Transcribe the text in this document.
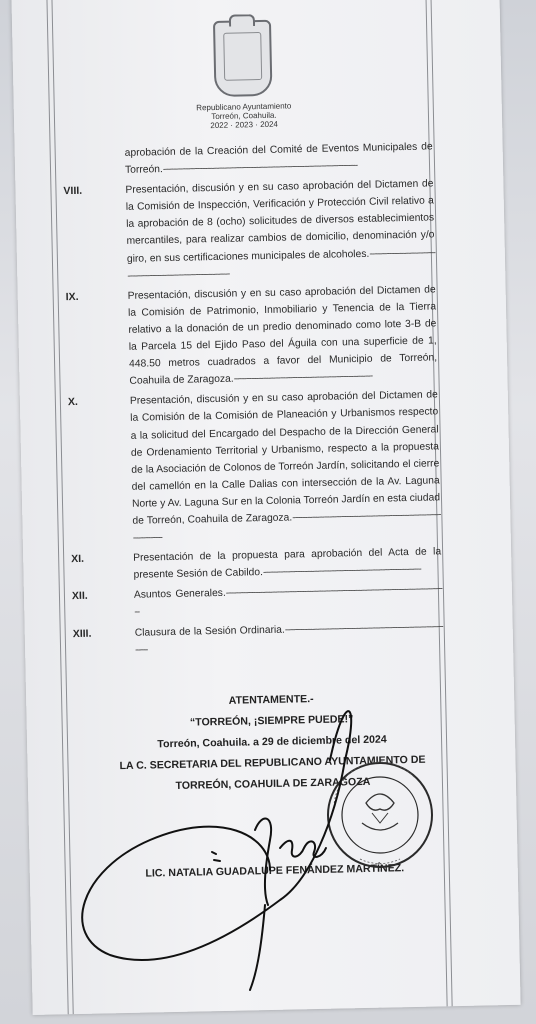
Republicano Ayuntamiento
Torreón, Coahuila.
2022 · 2023 · 2024
aprobación de la Creación del Comité de Eventos Municipales de Torreón.--------------------------------------------------------------------------------
VIII.	Presentación, discusión y en su caso aprobación del Dictamen de la Comisión de Inspección, Verificación y Protección Civil relativo a la aprobación de 8 (ocho) solicitudes de diversos establecimientos mercantiles, para realizar cambios de domicilio, denominación y/o giro, en sus certificaciones municipales de alcoholes.---------------------------------------------------------------------
IX.	Presentación, discusión y en su caso aprobación del Dictamen de la Comisión de Patrimonio, Inmobiliario y Tenencia de la Tierra relativo a la donación de un predio denominado como lote 3-B de la Parcela 15 del Ejido Paso del Águila con una superficie de 1, 448.50 metros cuadrados a favor del Municipio de Torreón, Coahuila de Zaragoza.---------------------------------------------------------
X.	Presentación, discusión y en su caso aprobación del Dictamen de la Comisión de la Comisión de Planeación y Urbanismos respecto a la solicitud del Encargado del Despacho de la Dirección General de Ordenamiento Territorial y Urbanismo, respecto a la propuesta de la Asociación de Colonos de Torreón Jardín, solicitando el cierre del camellón en la Calle Dalias con intersección de la Av. Laguna Norte y Av. Laguna Sur en la Colonia Torreón Jardín en esta ciudad de Torreón, Coahuila de Zaragoza.-------------------------------------------------------------------------
XI.	Presentación de la propuesta para aprobación del Acta de la presente Sesión de Cabildo.-----------------------------------------------------------------
XII.	Asuntos Generales.-------------------------------------------------------------------------------------------
XIII.	Clausura de la Sesión Ordinaria.----------------------------------------------------------------------
ATENTAMENTE.-
“TORREÓN, ¡SIEMPRE PUEDE!”
Torreón, Coahuila. a 29 de diciembre del 2024
LA C. SECRETARIA DEL REPUBLICANO AYUNTAMIENTO DE
TORREÓN, COAHUILA DE ZARAGOZA
LIC. NATALIA GUADALUPE FENÁNDEZ MARTÍNEZ.
